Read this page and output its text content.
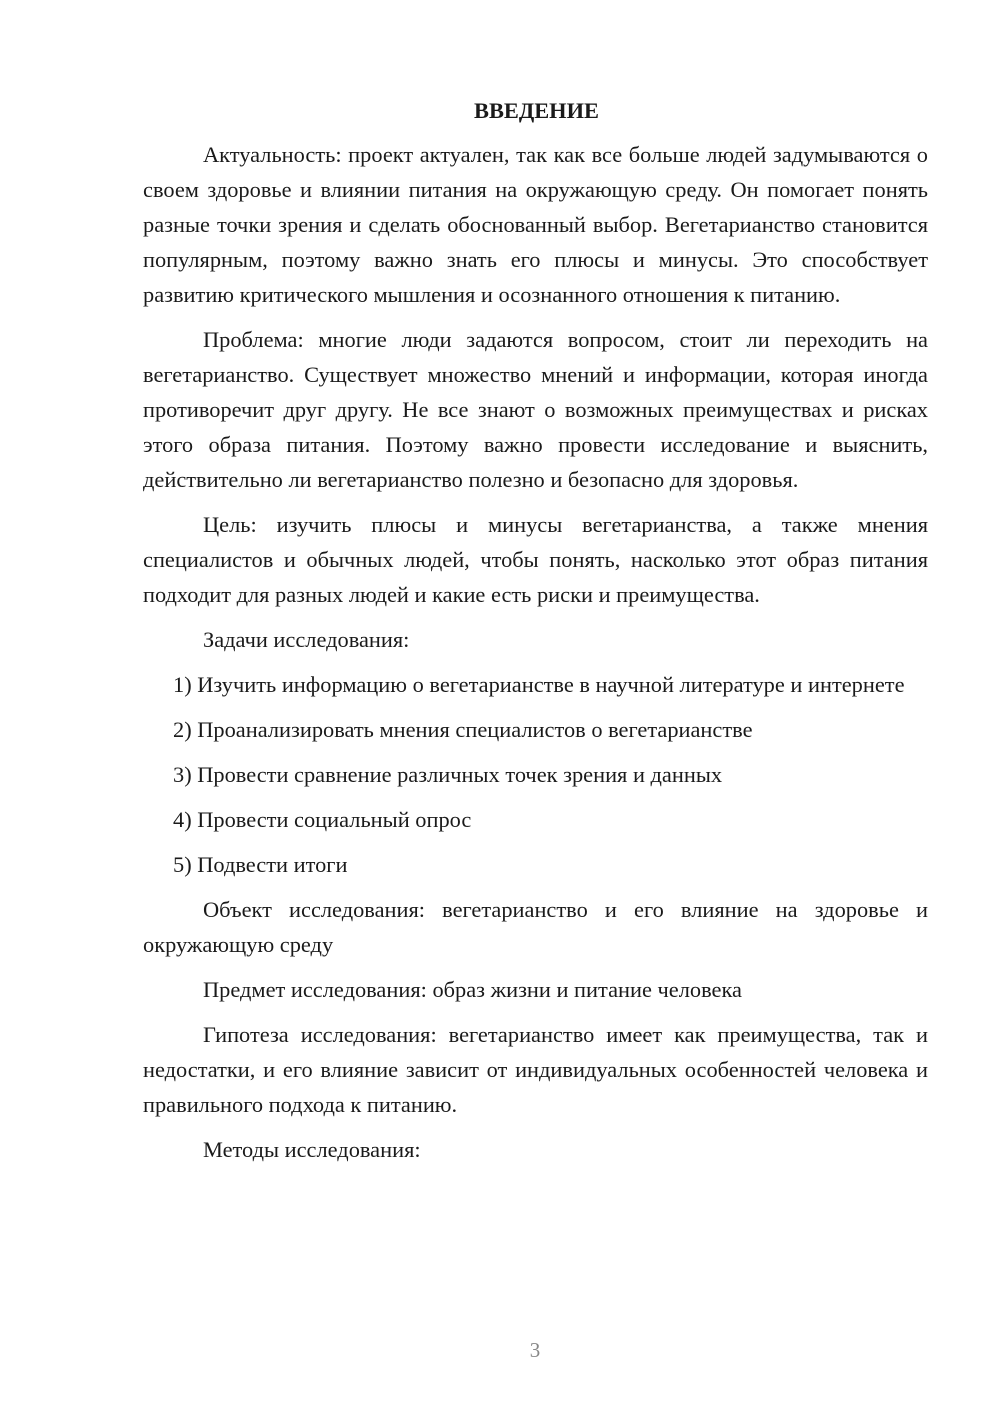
ВВЕДЕНИЕ

Актуальность: проект актуален, так как все больше людей задумываются о своем здоровье и влиянии питания на окружающую среду. Он помогает понять разные точки зрения и сделать обоснованный выбор. Вегетарианство становится популярным, поэтому важно знать его плюсы и минусы. Это способствует развитию критического мышления и осознанного отношения к питанию.

Проблема: многие люди задаются вопросом, стоит ли переходить на вегетарианство. Существует множество мнений и информации, которая иногда противоречит друг другу. Не все знают о возможных преимуществах и рисках этого образа питания. Поэтому важно провести исследование и выяснить, действительно ли вегетарианство полезно и безопасно для здоровья.

Цель: изучить плюсы и минусы вегетарианства, а также мнения специалистов и обычных людей, чтобы понять, насколько этот образ питания подходит для разных людей и какие есть риски и преимущества.

Задачи исследования:

1) Изучить информацию о вегетарианстве в научной литературе и интернете

2) Проанализировать мнения специалистов о вегетарианстве

3) Провести сравнение различных точек зрения и данных

4) Провести социальный опрос

5) Подвести итоги

Объект исследования: вегетарианство и его влияние на здоровье и окружающую среду

Предмет исследования: образ жизни и питание человека

Гипотеза исследования: вегетарианство имеет как преимущества, так и недостатки, и его влияние зависит от индивидуальных особенностей человека и правильного подхода к питанию.

Методы исследования:

3
